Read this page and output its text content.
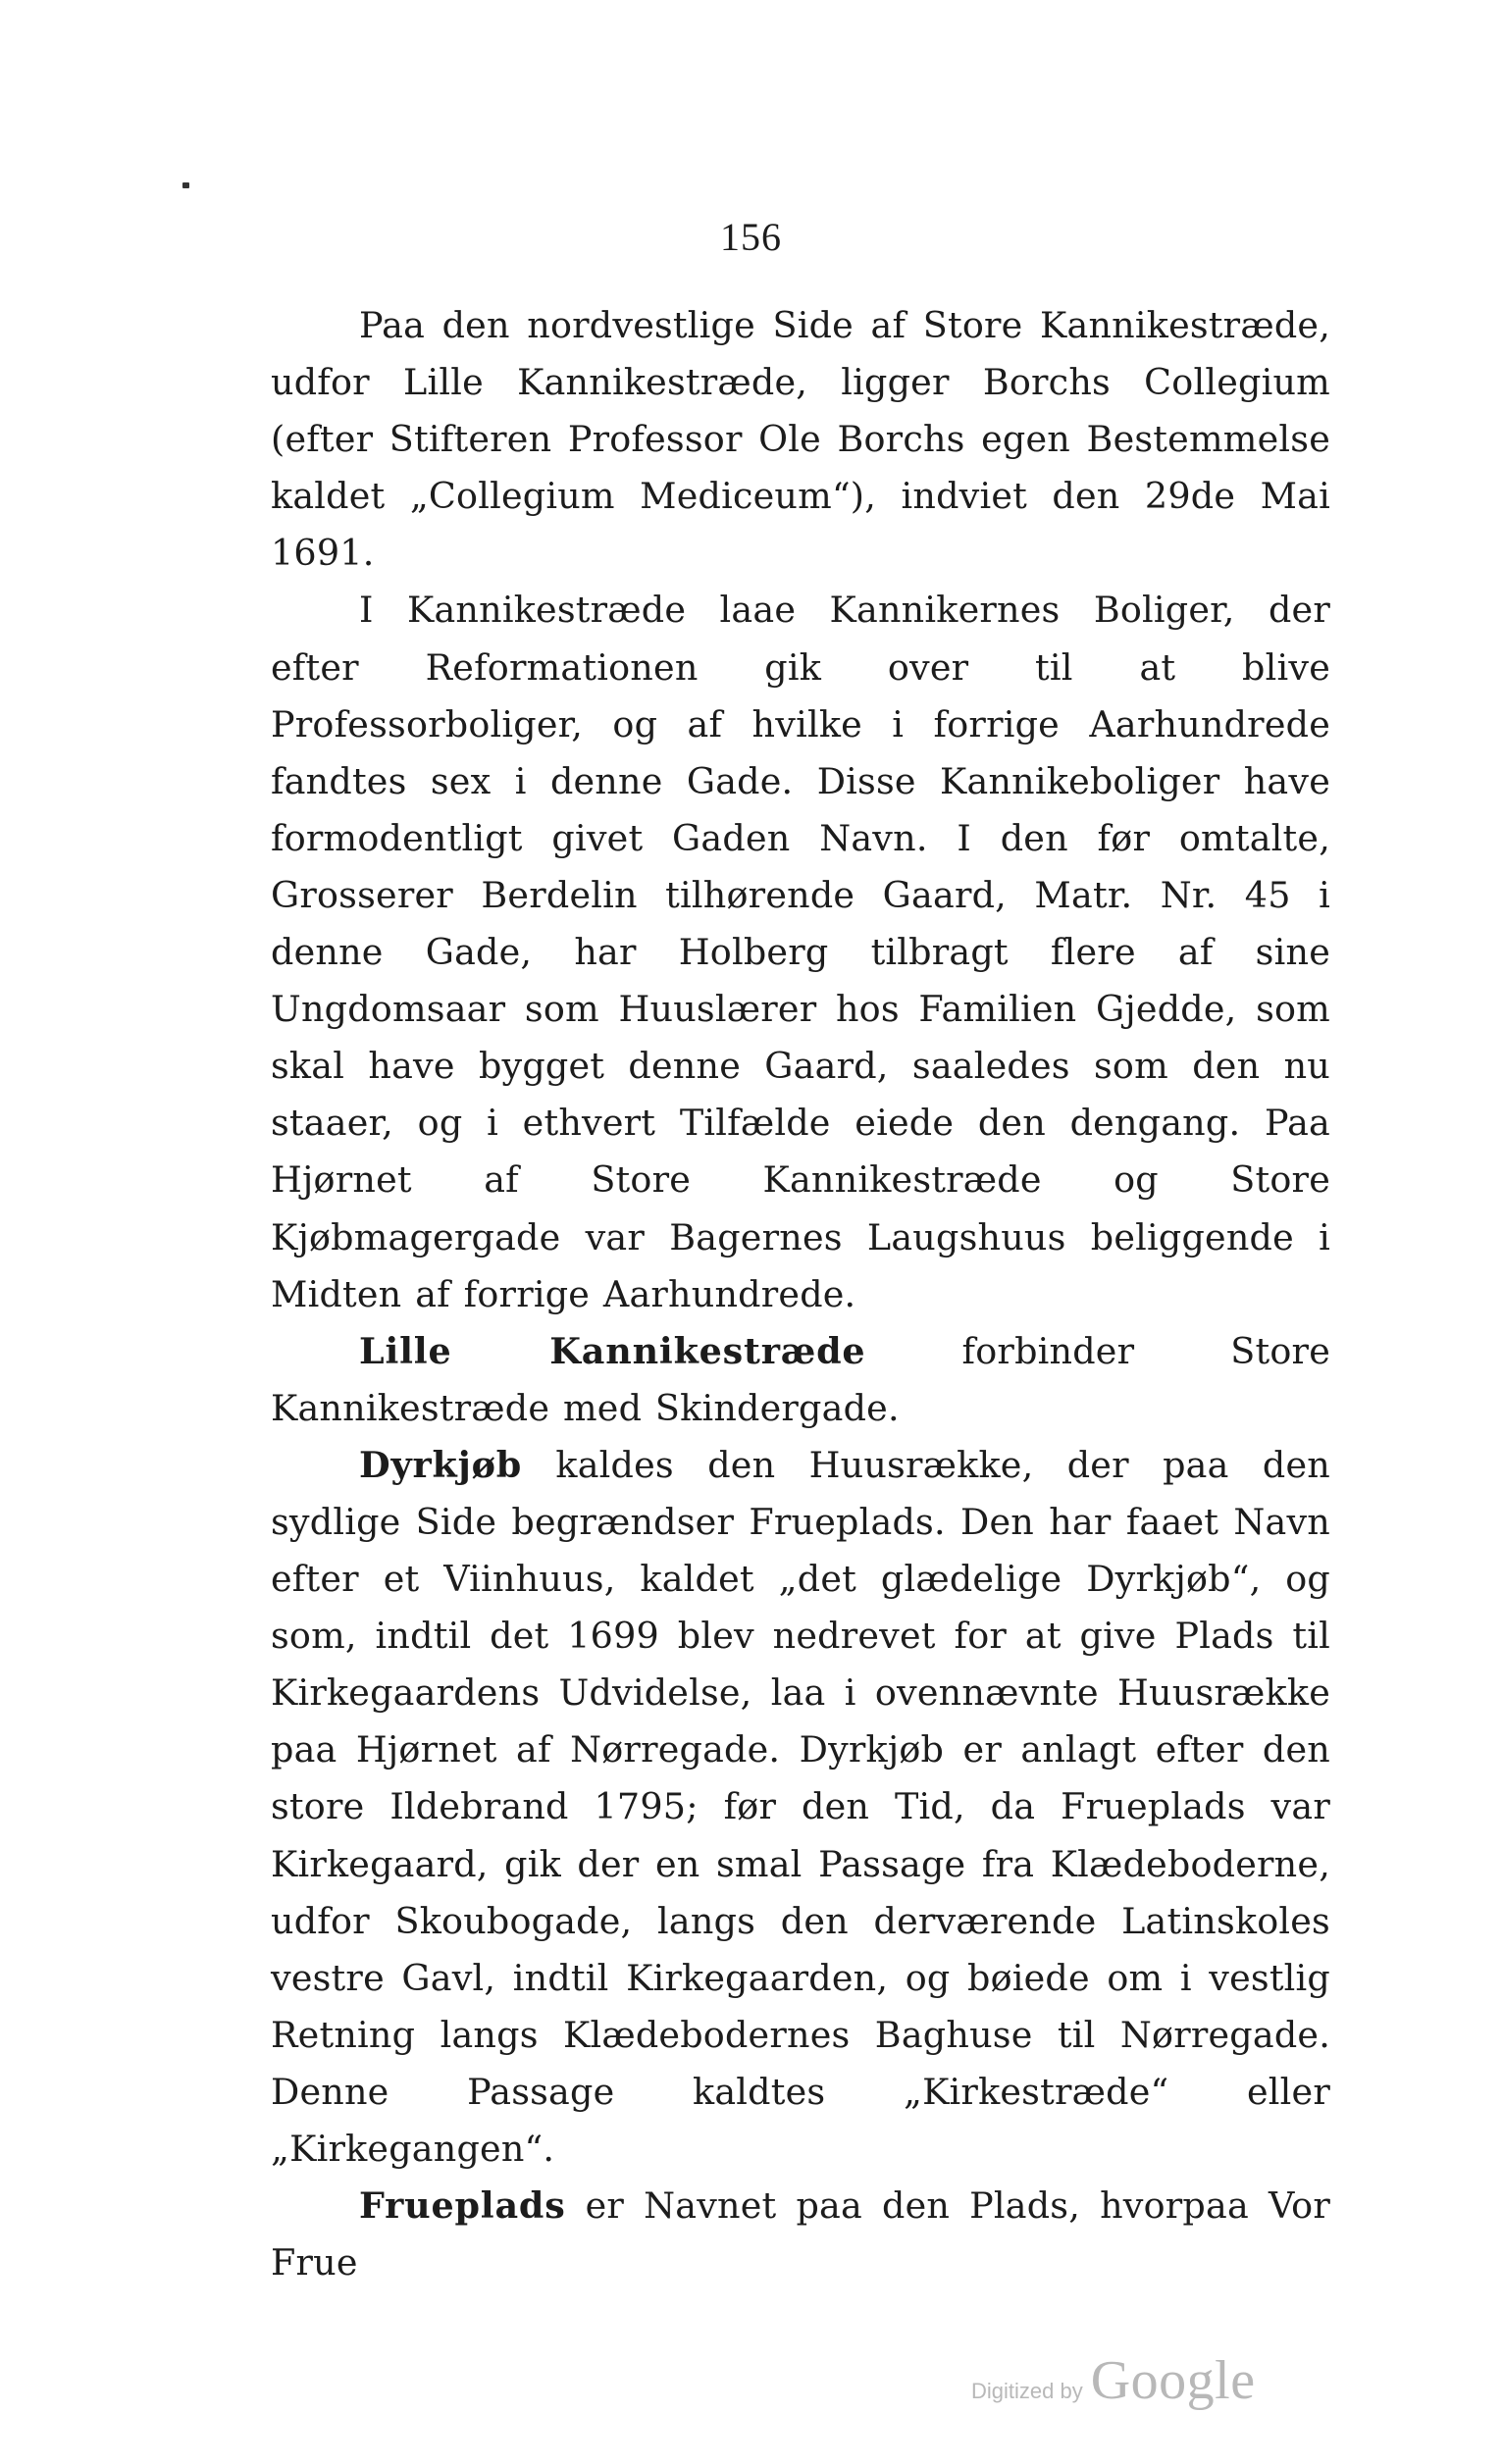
156

Paa den nordvestlige Side af Store Kannikestræde, udfor Lille Kannikestræde, ligger Borchs Collegium (efter Stifteren Professor Ole Borchs egen Bestemmelse kaldet „Collegium Mediceum“), indviet den 29de Mai 1691.

I Kannikestræde laae Kannikernes Boliger, der efter Reformationen gik over til at blive Professorboliger, og af hvilke i forrige Aarhundrede fandtes sex i denne Gade. Disse Kannikeboliger have formodentligt givet Gaden Navn. I den før omtalte, Grosserer Berdelin tilhørende Gaard, Matr. Nr. 45 i denne Gade, har Holberg tilbragt flere af sine Ungdomsaar som Huuslærer hos Familien Gjedde, som skal have bygget denne Gaard, saaledes som den nu staaer, og i ethvert Tilfælde eiede den dengang. Paa Hjørnet af Store Kannikestræde og Store Kjøbmagergade var Bagernes Laugshuus beliggende i Midten af forrige Aarhundrede.

Lille Kannikestræde forbinder Store Kannikestræde med Skindergade.

Dyrkjøb kaldes den Huusrække, der paa den sydlige Side begrændser Frueplads. Den har faaet Navn efter et Viinhuus, kaldet „det glædelige Dyrkjøb“, og som, indtil det 1699 blev nedrevet for at give Plads til Kirkegaardens Udvidelse, laa i ovennævnte Huusrække paa Hjørnet af Nørregade. Dyrkjøb er anlagt efter den store Ildebrand 1795; før den Tid, da Frueplads var Kirkegaard, gik der en smal Passage fra Klædeboderne, udfor Skoubogade, langs den derværende Latinskoles vestre Gavl, indtil Kirkegaarden, og bøiede om i vestlig Retning langs Klædebodernes Baghuse til Nørregade. Denne Passage kaldtes „Kirkestræde“ eller „Kirkegangen“.

Frueplads er Navnet paa den Plads, hvorpaa Vor Frue

Digitized by Google
